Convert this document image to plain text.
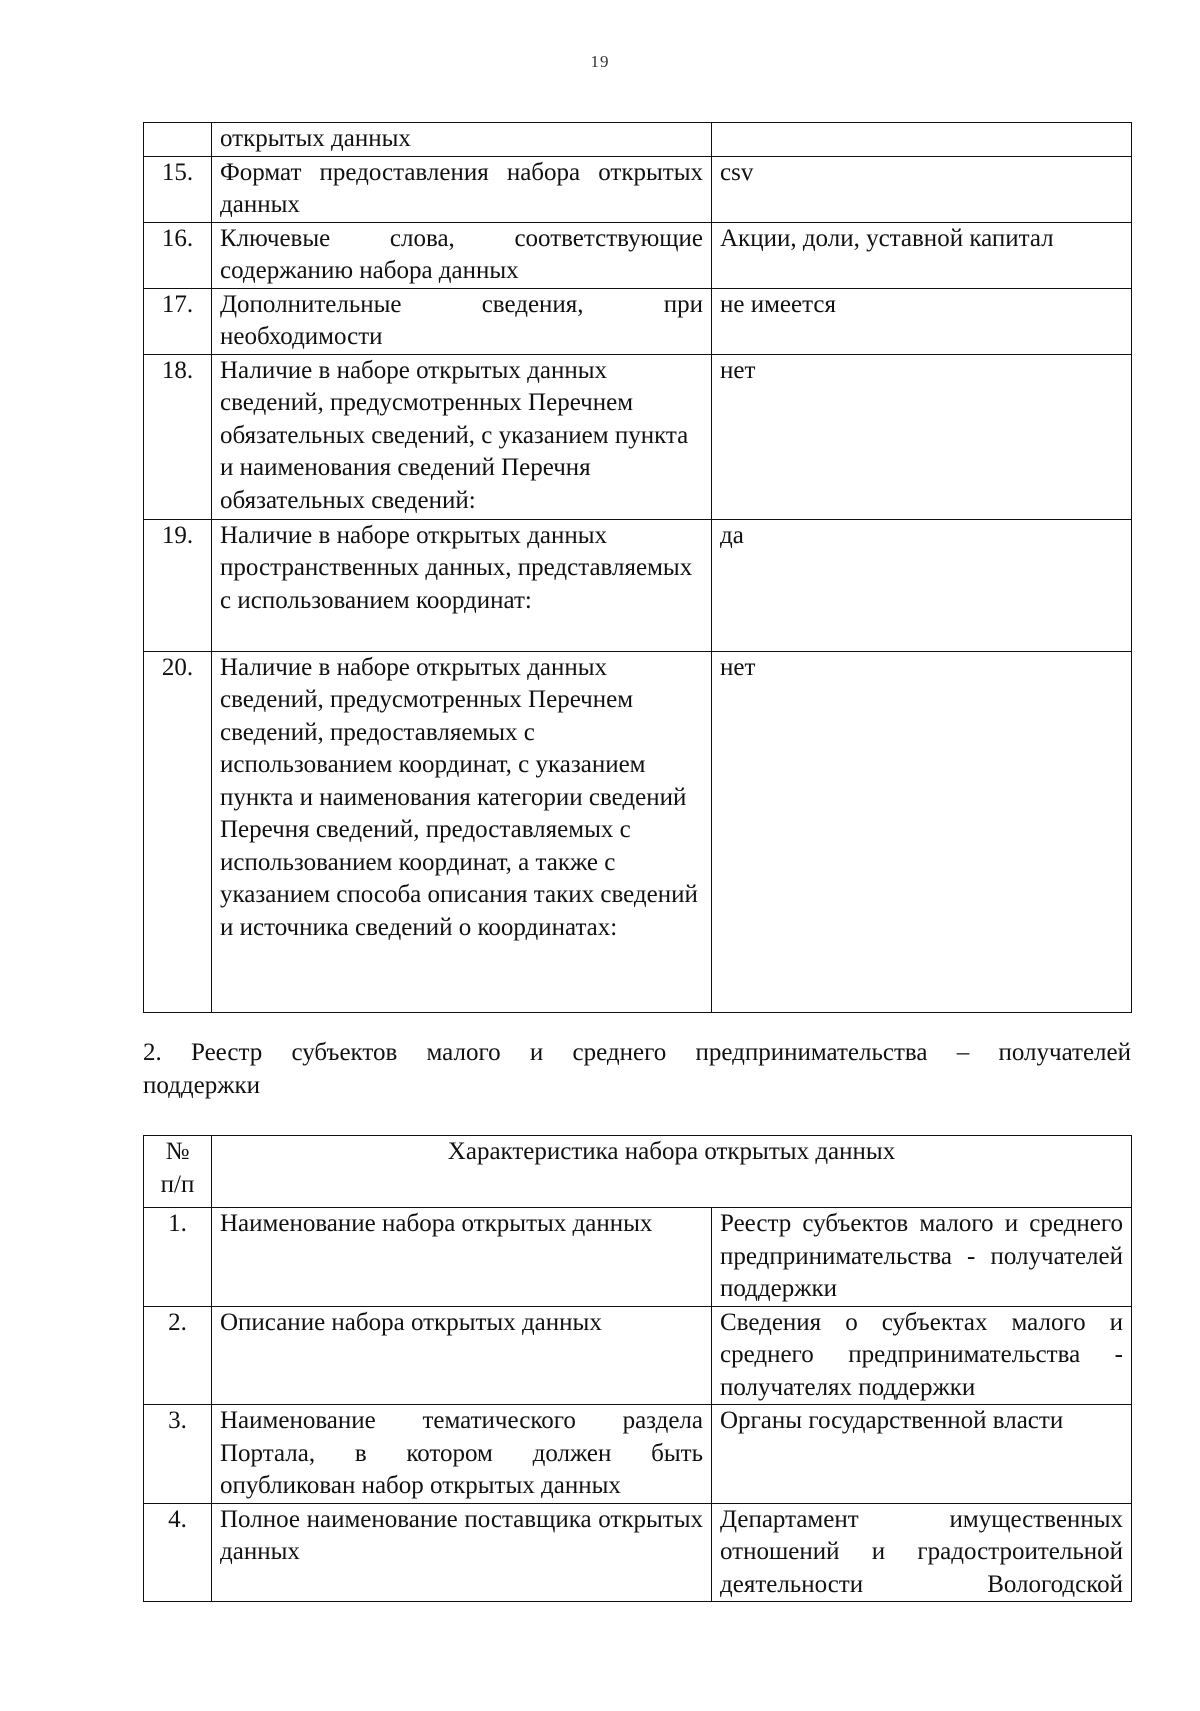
19
	открытых данных	
15.	Формат предоставления набора открытых данных	csv
16.	Ключевые слова, соответствующие содержанию набора данных	Акции, доли, уставной капитал
17.	Дополнительные сведения, при необходимости	не имеется
18.	Наличие в наборе открытых данных сведений, предусмотренных Перечнем обязательных сведений, с указанием пункта и наименования сведений Перечня обязательных сведений:	нет
19.	Наличие в наборе открытых данных пространственных данных, представляемых с использованием координат:	да
20.	Наличие в наборе открытых данных сведений, предусмотренных Перечнем сведений, предоставляемых с использованием координат, с указанием пункта и наименования категории сведений Перечня сведений, предоставляемых с использованием координат, а также с указанием способа описания таких сведений и источника сведений о координатах:	нет
2. Реестр субъектов малого и среднего предпринимательства – получателей
поддержки
№
п/п	Характеристика набора открытых данных	
1.	Наименование набора открытых данных	Реестр субъектов малого и среднего предпринимательства - получателей поддержки
2.	Описание набора открытых данных	Сведения о субъектах малого и среднего предпринимательства - получателях поддержки
3.	Наименование тематического раздела Портала, в котором должен быть опубликован набор открытых данных	Органы государственной власти
4.	Полное наименование поставщика открытых данных	Департамент имущественных отношений и градостроительной деятельности Вологодской
